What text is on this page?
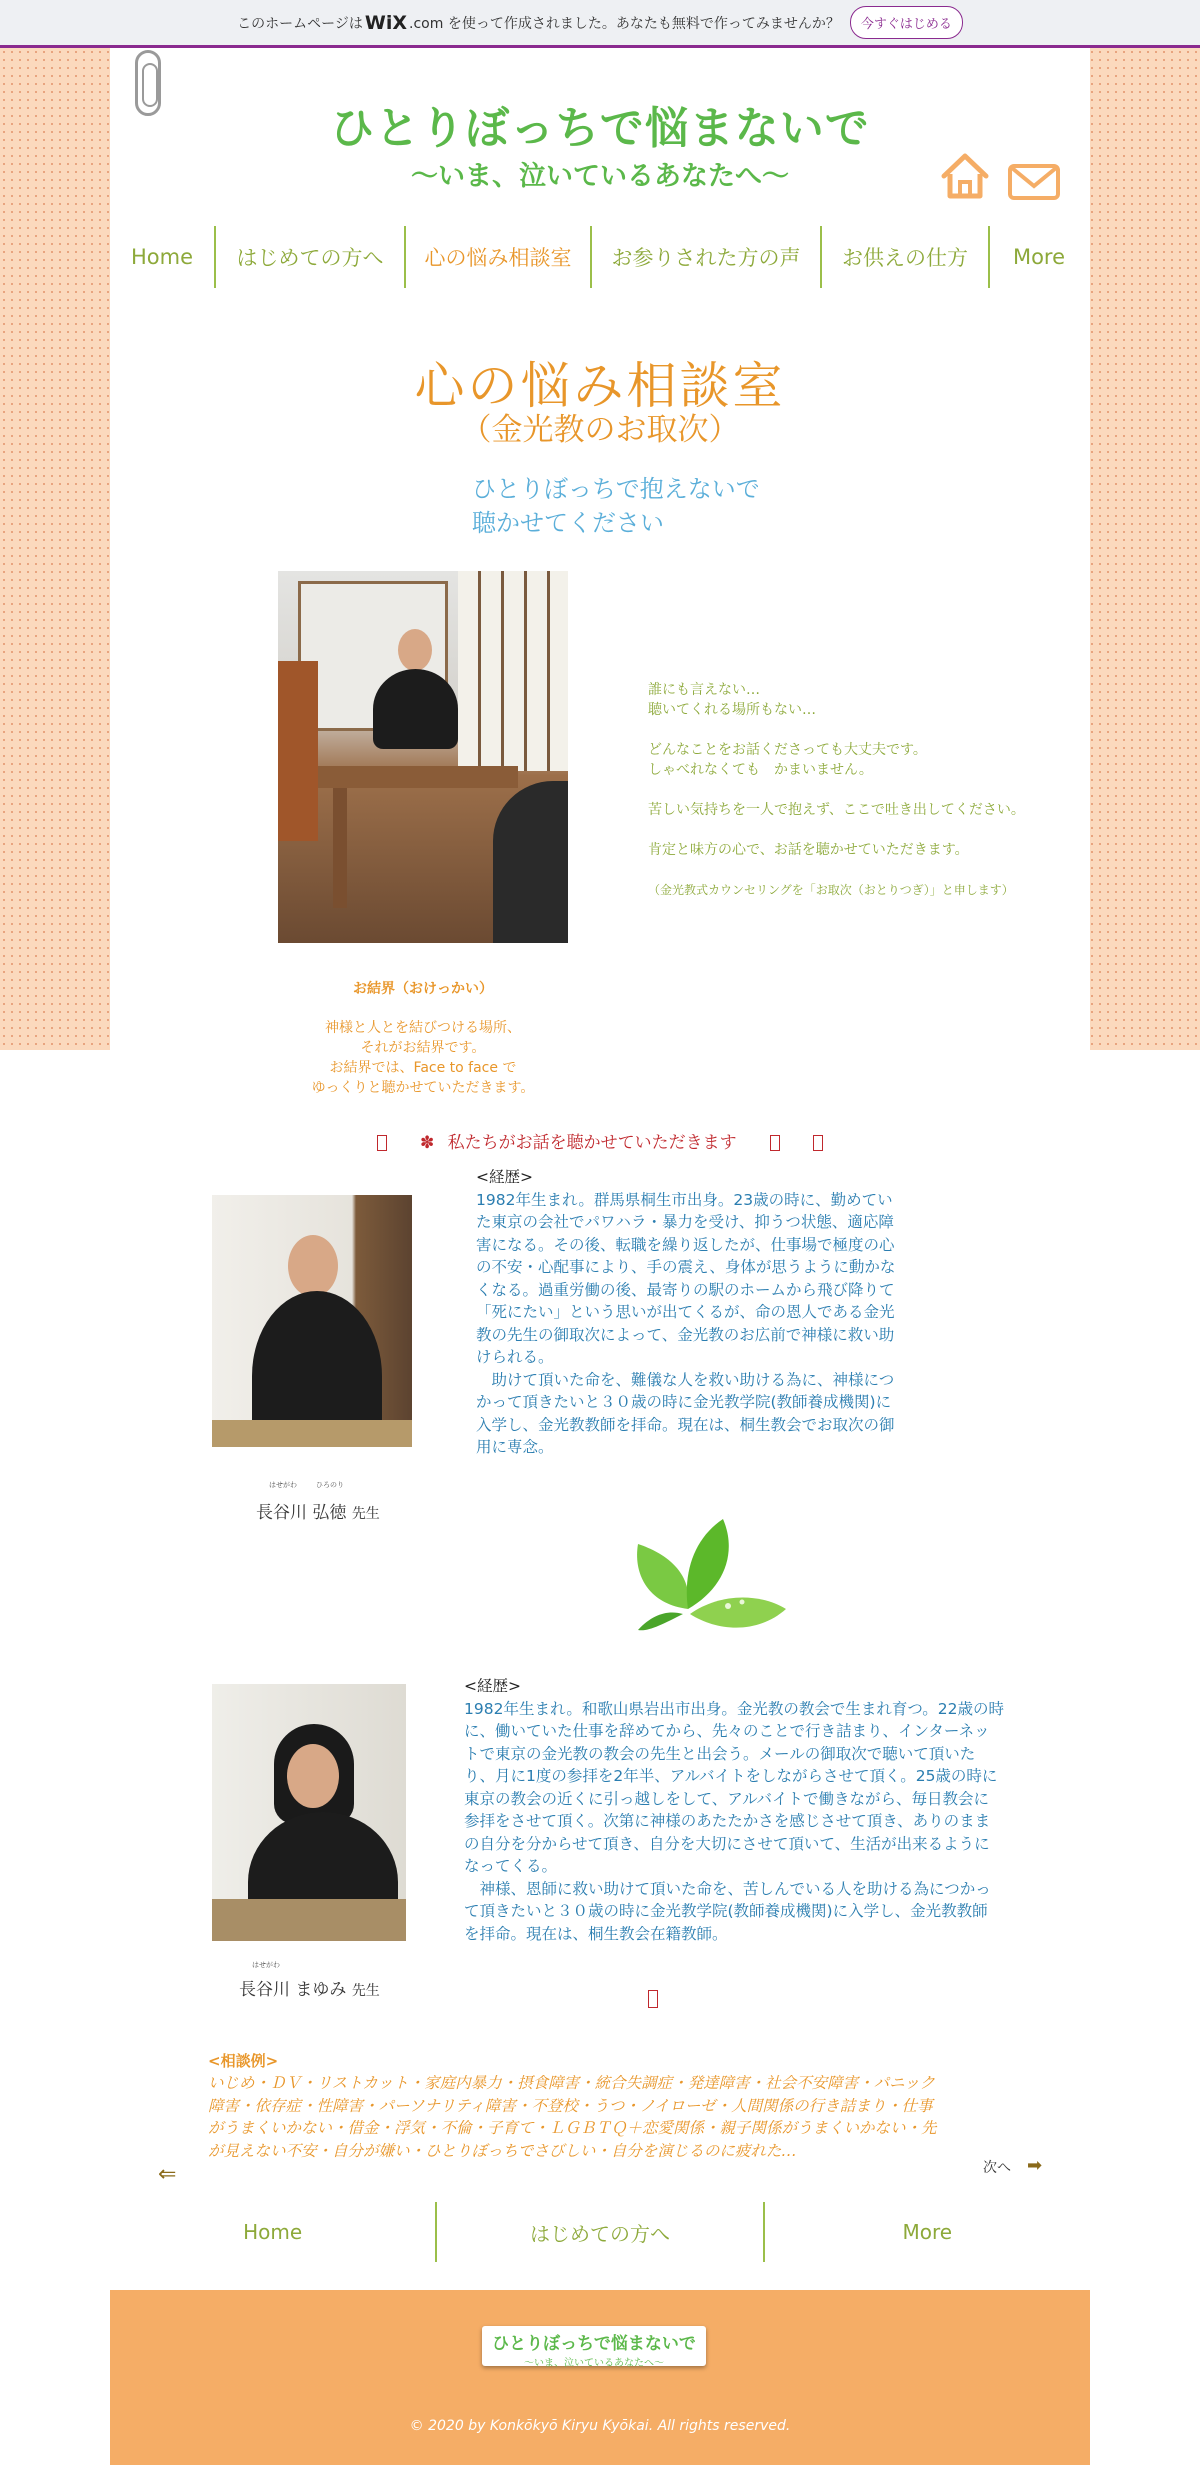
このホームページは WiX .com を使って作成されました。あなたも無料で作ってみませんか？	今すぐはじめる
ひとりぼっちで悩まないで
〜いま、泣いているあなたへ〜
Home	はじめての方へ	心の悩み相談室	お参りされた方の声	お供えの仕方	More
心の悩み相談室
（金光教のお取次）
ひとりぼっちで抱えないで
聴かせてください

誰にも言えない…
聴いてくれる場所もない…

どんなことをお話くださっても大丈夫です。
しゃべれなくても　かまいません。

苦しい気持ちを一人で抱えず、ここで吐き出してください。

肯定と味方の心で、お話を聴かせていただきます。

（金光教式カウンセリングを「お取次（おとりつぎ）」と申します）

お結界（おけっかい）
神様と人とを結びつける場所、
それがお結界です。
お結界では、Face to face で
ゆっくりと聴かせていただきます。
✽ 私たちがお話を聴かせていただきます
<経歴>
1982年生まれ。群馬県桐生市出身。23歳の時に、勤めてい
た東京の会社でパワハラ・暴力を受け、抑うつ状態、適応障
害になる。その後、転職を繰り返したが、仕事場で極度の心
の不安・心配事により、手の震え、身体が思うように動かな
くなる。過重労働の後、最寄りの駅のホームから飛び降りて
「死にたい」という思いが出てくるが、命の恩人である金光
教の先生の御取次によって、金光教のお広前で神様に救い助
けられる。
　助けて頂いた命を、難儀な人を救い助ける為に、神様につ
かって頂きたいと３０歳の時に金光教学院(教師養成機関)に
入学し、金光教教師を拝命。現在は、桐生教会でお取次の御
用に専念。
はせがわ	ひろのり
長谷川 弘徳 先生
<経歴>
1982年生まれ。和歌山県岩出市出身。金光教の教会で生まれ育つ。22歳の時
に、働いていた仕事を辞めてから、先々のことで行き詰まり、インターネッ
トで東京の金光教の教会の先生と出会う。メールの御取次で聴いて頂いた
り、月に1度の参拝を2年半、アルバイトをしながらさせて頂く。25歳の時に
東京の教会の近くに引っ越しをして、アルバイトで働きながら、毎日教会に
参拝をさせて頂く。次第に神様のあたたかさを感じさせて頂き、ありのまま
の自分を分からせて頂き、自分を大切にさせて頂いて、生活が出来るように
なってくる。
　神様、恩師に救い助けて頂いた命を、苦しんでいる人を助ける為につかっ
て頂きたいと３０歳の時に金光教学院(教師養成機関)に入学し、金光教教師
を拝命。現在は、桐生教会在籍教師。
はせがわ
長谷川 まゆみ 先生
<相談例>
いじめ・ＤＶ・リストカット・家庭内暴力・摂食障害・統合失調症・発達障害・社会不安障害・パニック
障害・依存症・性障害・パーソナリティ障害・不登校・うつ・ノイローゼ・人間関係の行き詰まり・仕事
がうまくいかない・借金・浮気・不倫・子育て・ＬＧＢＴＱ＋恋愛関係・親子関係がうまくいかない・先
が見えない不安・自分が嫌い・ひとりぼっちでさびしい・自分を演じるのに疲れた…
⇐	次へ ➡
Home	はじめての方へ	More
ひとりぼっちで悩まないで
〜いま、泣いているあなたへ〜
© 2020 by Konkōkyō Kiryu Kyōkai. All rights reserved.
